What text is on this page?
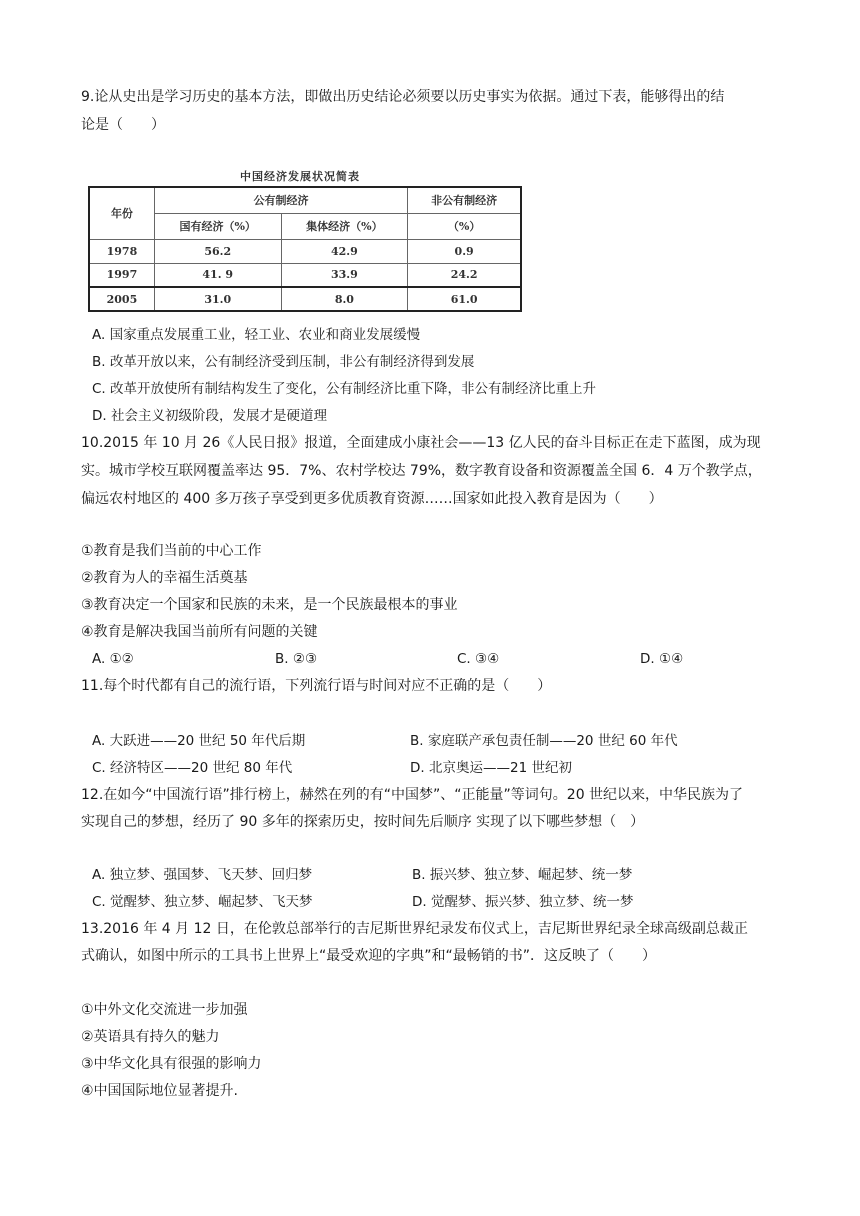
9.论从史出是学习历史的基本方法，即做出历史结论必须要以历史事实为依据。通过下表，能够得出的结
论是（　　）
中国经济发展状况简表
年份	公有制经济		非公有制经济
	国有经济（%）	集体经济（%）	（%）
1978	56.2	42.9	0.9
1997	41. 9	33.9	24.2
2005	31.0	8.0	61.0
A. 国家重点发展重工业，轻工业、农业和商业发展缓慢
B. 改革开放以来，公有制经济受到压制，非公有制经济得到发展
C. 改革开放使所有制结构发生了变化，公有制经济比重下降，非公有制经济比重上升
D. 社会主义初级阶段，发展才是硬道理
10.2015 年 10 月 26《人民日报》报道，全面建成小康社会——13 亿人民的奋斗目标正在走下蓝图，成为现
实。城市学校互联网覆盖率达 95．7%、农村学校达 79%，数字教育设备和资源覆盖全国 6．4 万个教学点，
偏远农村地区的 400 多万孩子享受到更多优质教育资源……国家如此投入教育是因为（　　）
①教育是我们当前的中心工作
②教育为人的幸福生活奠基
③教育决定一个国家和民族的未来，是一个民族最根本的事业
④教育是解决我国当前所有问题的关键
A. ①②	B. ②③	C. ③④	D. ①④
11.每个时代都有自己的流行语，下列流行语与时间对应不正确的是（　　）
A. 大跃进——20 世纪 50 年代后期	B. 家庭联产承包责任制——20 世纪 60 年代
C. 经济特区——20 世纪 80 年代	D. 北京奥运——21 世纪初
12.在如今“中国流行语”排行榜上，赫然在列的有“中国梦”、“正能量”等词句。20 世纪以来，中华民族为了
实现自己的梦想，经历了 90 多年的探索历史，按时间先后顺序 实现了以下哪些梦想（　）
A. 独立梦、强国梦、飞天梦、回归梦	B. 振兴梦、独立梦、崛起梦、统一梦
C. 觉醒梦、独立梦、崛起梦、飞天梦	D. 觉醒梦、振兴梦、独立梦、统一梦
13.2016 年 4 月 12 日，在伦敦总部举行的吉尼斯世界纪录发布仪式上，吉尼斯世界纪录全球高级副总裁正
式确认，如图中所示的工具书上世界上“最受欢迎的字典”和“最畅销的书”．这反映了（　　）
①中外文化交流进一步加强
②英语具有持久的魅力
③中华文化具有很强的影响力
④中国国际地位显著提升.
